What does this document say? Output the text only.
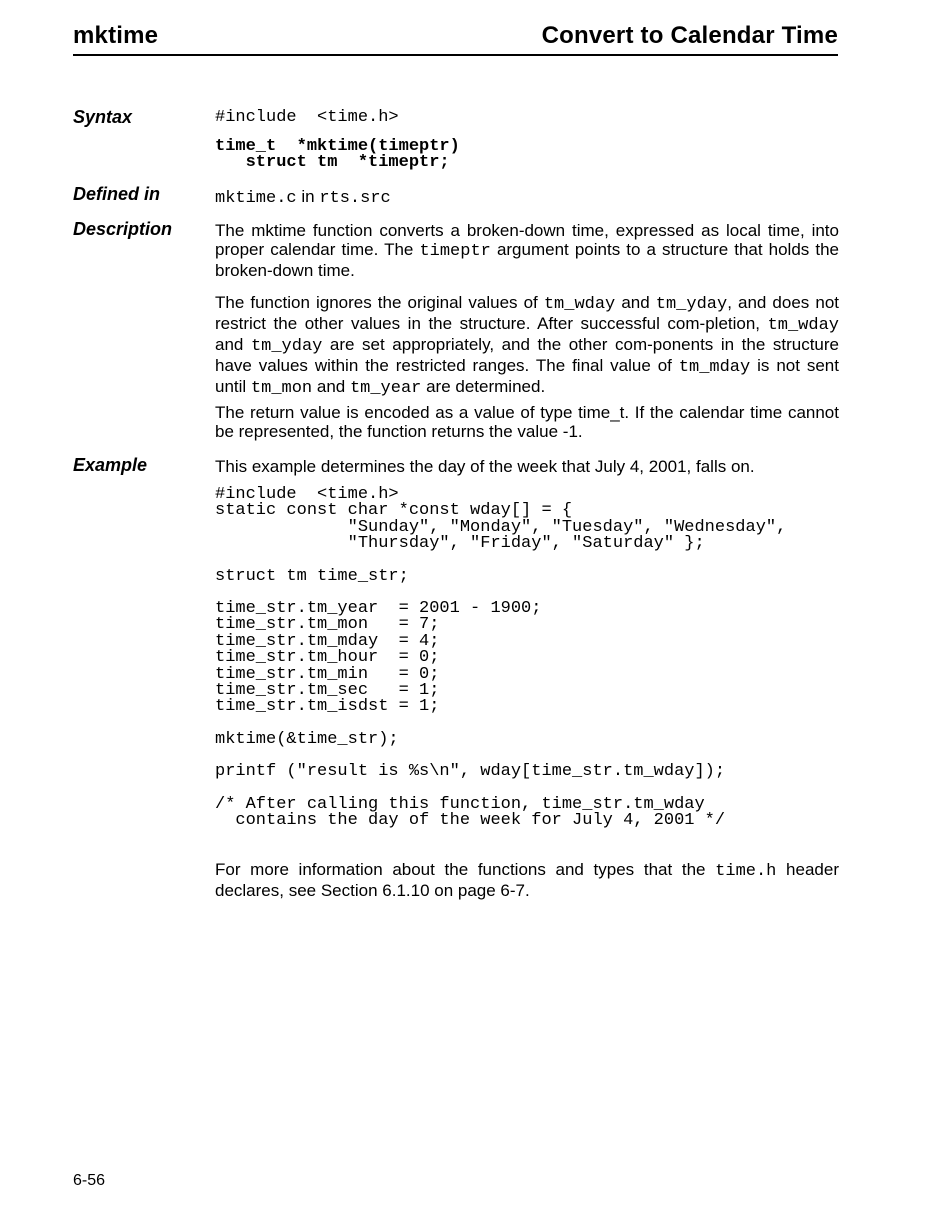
mktime	Convert to Calendar Time
Syntax	#include  <time.h>
time_t  *mktime(timeptr)
struct tm  *timeptr;
Defined in	mktime.c in rts.src
Description	The mktime function converts a broken-down time, expressed as local time, into proper calendar time. The timeptr argument points to a structure that holds the broken-down time.
The function ignores the original values of tm_wday and tm_yday, and does not restrict the other values in the structure. After successful com-pletion, tm_wday and tm_yday are set appropriately, and the other com-ponents in the structure have values within the restricted ranges. The final value of tm_mday is not sent until tm_mon and tm_year are determined.
The return value is encoded as a value of type time_t. If the calendar time cannot be represented, the function returns the value -1.
Example	This example determines the day of the week that July 4, 2001, falls on.
#include  <time.h>
static const char *const wday[] = {
"Sunday", "Monday", "Tuesday", "Wednesday",
"Thursday", "Friday", "Saturday" };
struct tm time_str;
time_str.tm_year  = 2001 - 1900;
time_str.tm_mon   = 7;
time_str.tm_mday  = 4;
time_str.tm_hour  = 0;
time_str.tm_min   = 0;
time_str.tm_sec   = 1;
time_str.tm_isdst = 1;
mktime(&time_str);
printf ("result is %s\n", wday[time_str.tm_wday]);
/* After calling this function, time_str.tm_wday
contains the day of the week for July 4, 2001 */
For more information about the functions and types that the time.h header declares, see Section 6.1.10 on page 6-7.
6-56
